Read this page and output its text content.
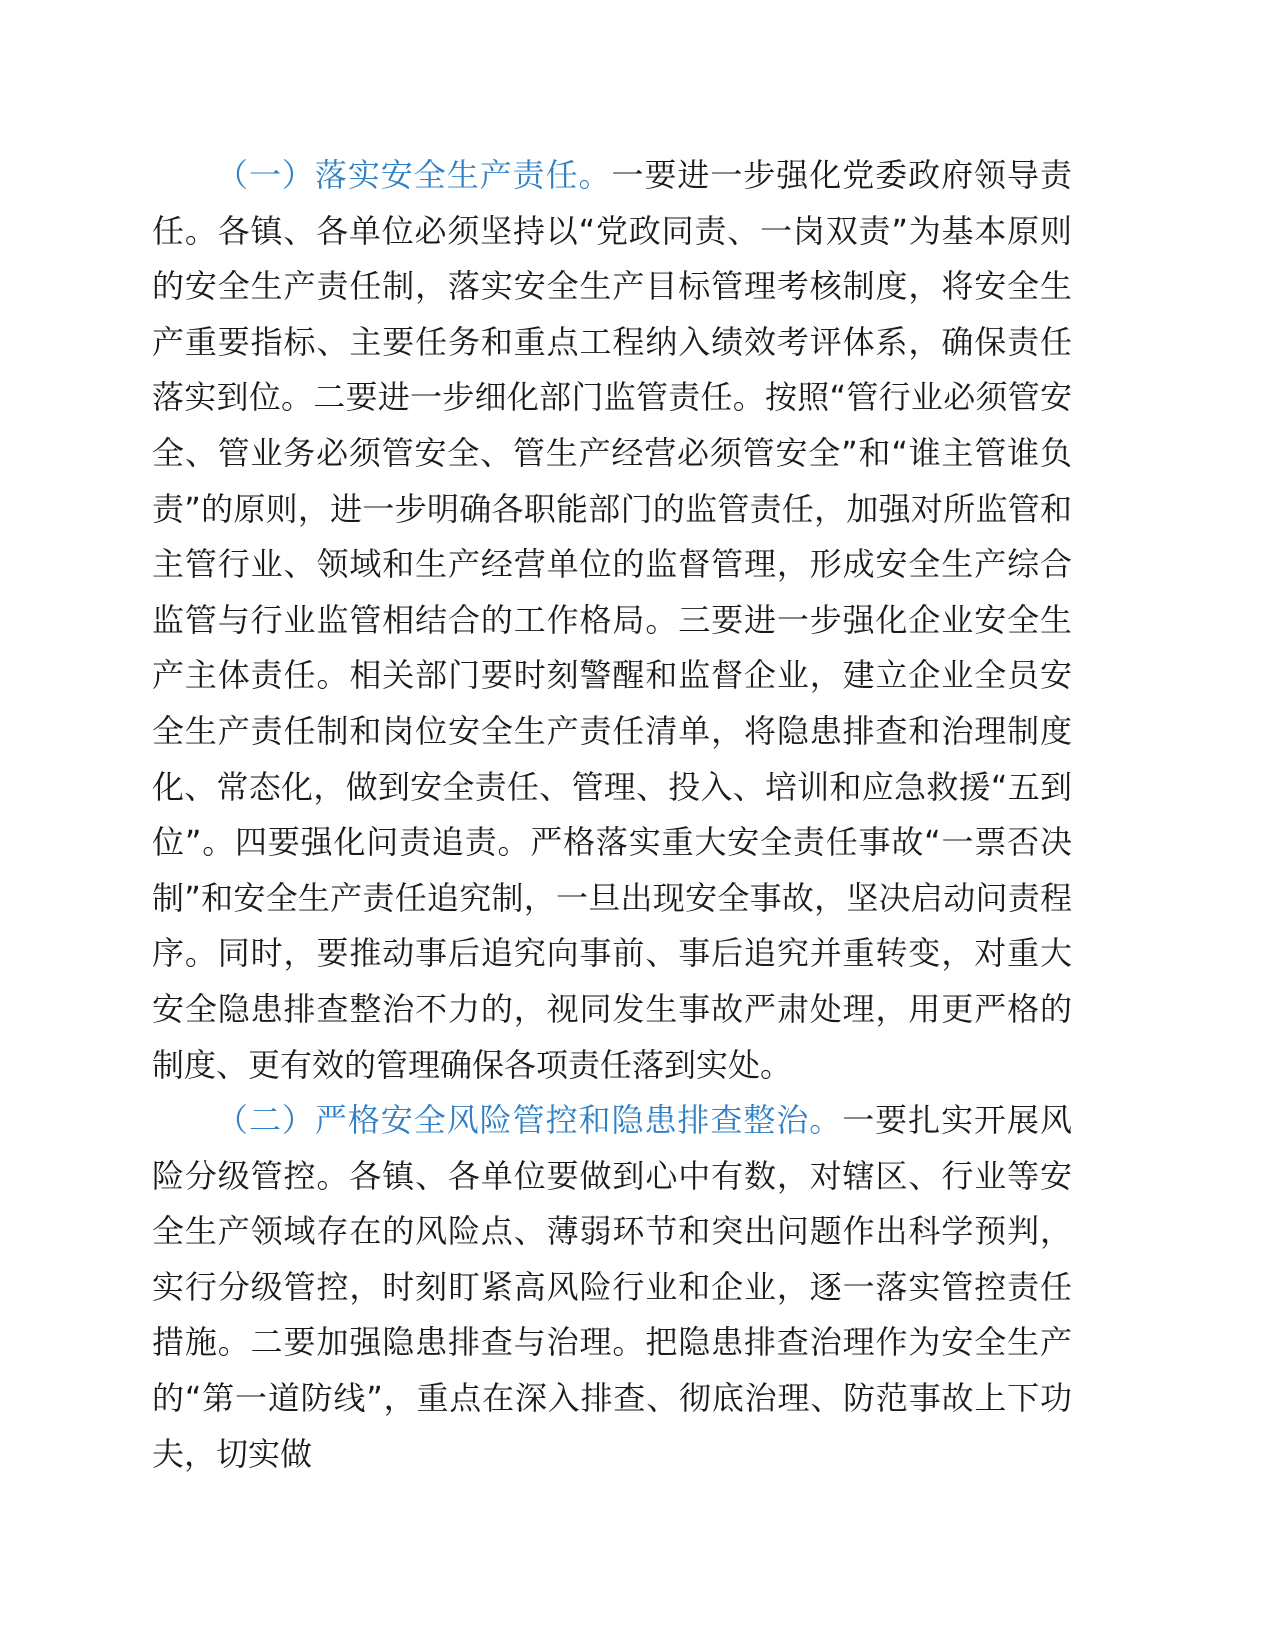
（一）落实安全生产责任。一要进一步强化党委政府领导责任。各镇、各单位必须坚持以“党政同责、一岗双责”为基本原则的安全生产责任制，落实安全生产目标管理考核制度，将安全生产重要指标、主要任务和重点工程纳入绩效考评体系，确保责任落实到位。二要进一步细化部门监管责任。按照“管行业必须管安全、管业务必须管安全、管生产经营必须管安全”和“谁主管谁负责”的原则，进一步明确各职能部门的监管责任，加强对所监管和主管行业、领域和生产经营单位的监督管理，形成安全生产综合监管与行业监管相结合的工作格局。三要进一步强化企业安全生产主体责任。相关部门要时刻警醒和监督企业，建立企业全员安全生产责任制和岗位安全生产责任清单，将隐患排查和治理制度化、常态化，做到安全责任、管理、投入、培训和应急救援“五到位”。四要强化问责追责。严格落实重大安全责任事故“一票否决制”和安全生产责任追究制，一旦出现安全事故，坚决启动问责程序。同时，要推动事后追究向事前、事后追究并重转变，对重大安全隐患排查整治不力的，视同发生事故严肃处理，用更严格的制度、更有效的管理确保各项责任落到实处。

（二）严格安全风险管控和隐患排查整治。一要扎实开展风险分级管控。各镇、各单位要做到心中有数，对辖区、行业等安全生产领域存在的风险点、薄弱环节和突出问题作出科学预判，实行分级管控，时刻盯紧高风险行业和企业，逐一落实管控责任措施。二要加强隐患排查与治理。把隐患排查治理作为安全生产的“第一道防线”，重点在深入排查、彻底治理、防范事故上下功夫，切实做
